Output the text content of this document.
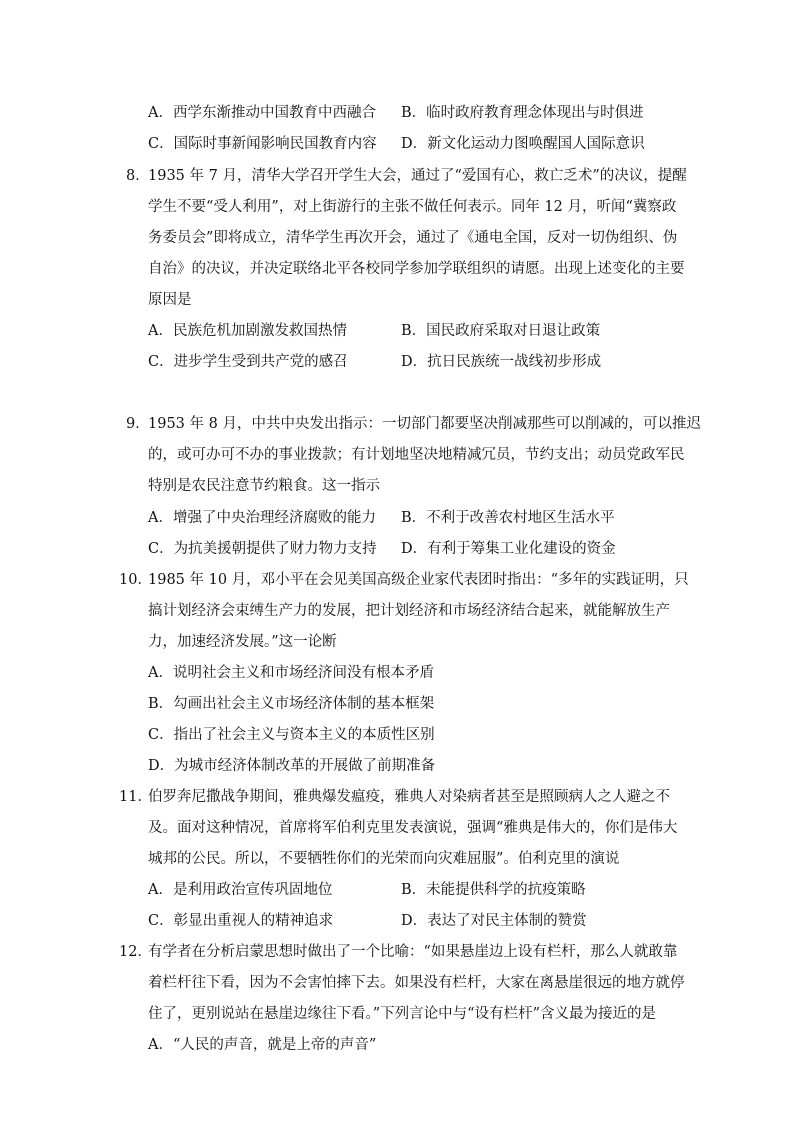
A．西学东渐推动中国教育中西融合 B．临时政府教育理念体现出与时俱进
C．国际时事新闻影响民国教育内容 D．新文化运动力图唤醒国人国际意识
8．
1935 年 7 月，清华大学召开学生大会，通过了“爱国有心，救亡乏术”的决议，提醒
学生不要“受人利用”，对上街游行的主张不做任何表示。同年 12 月，听闻“冀察政
务委员会”即将成立，清华学生再次开会，通过了《通电全国，反对一切伪组织、伪
自治》的决议，并决定联络北平各校同学参加学联组织的请愿。出现上述变化的主要
原因是
A．民族危机加剧激发救国热情	B．国民政府采取对日退让政策
C．进步学生受到共产党的感召	D．抗日民族统一战线初步形成
9．
1953 年 8 月，中共中央发出指示：一切部门都要坚决削减那些可以削减的，可以推迟
的，或可办可不办的事业拨款；有计划地坚决地精减冗员，节约支出；动员党政军民
特别是农民注意节约粮食。这一指示
A．增强了中央治理经济腐败的能力 B．不利于改善农村地区生活水平
C．为抗美援朝提供了财力物力支持 D．有利于筹集工业化建设的资金
10．
1985 年 10 月，邓小平在会见美国高级企业家代表团时指出：“多年的实践证明，只
搞计划经济会束缚生产力的发展，把计划经济和市场经济结合起来，就能解放生产
力，加速经济发展。”这一论断
A．说明社会主义和市场经济间没有根本矛盾
B．勾画出社会主义市场经济体制的基本框架
C．指出了社会主义与资本主义的本质性区别
D．为城市经济体制改革的开展做了前期准备
11．
伯罗奔尼撒战争期间，雅典爆发瘟疫，雅典人对染病者甚至是照顾病人之人避之不
及。面对这种情况，首席将军伯利克里发表演说，强调“雅典是伟大的，你们是伟大
城邦的公民。所以，不要牺牲你们的光荣而向灾难屈服”。伯利克里的演说
A．是利用政治宣传巩固地位	B．未能提供科学的抗疫策略
C．彰显出重视人的精神追求	D．表达了对民主体制的赞赏
12．
有学者在分析启蒙思想时做出了一个比喻：“如果悬崖边上设有栏杆，那么人就敢靠
着栏杆往下看，因为不会害怕摔下去。如果没有栏杆，大家在离悬崖很远的地方就停
住了，更别说站在悬崖边缘往下看。”下列言论中与“设有栏杆”含义最为接近的是
A．“人民的声音，就是上帝的声音”
